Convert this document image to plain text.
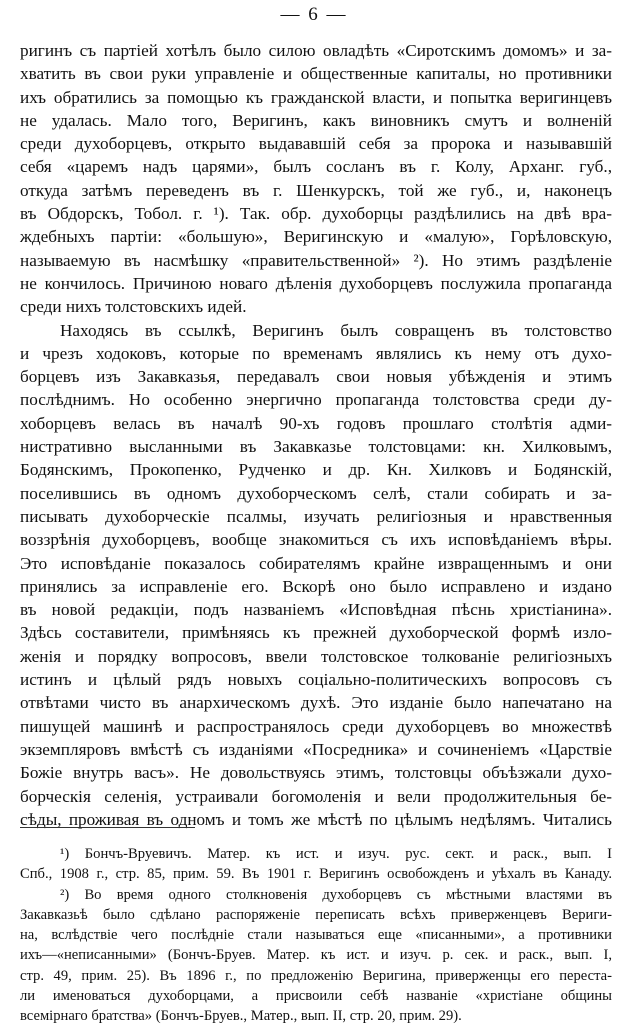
— 6 —
ригинъ съ партiей хотѣлъ было силою овладѣть «Сиротскимъ домомъ» и за-
хватить въ свои руки управленiе и общественные капиталы, но противники
ихъ обратились за помощью къ гражданской власти, и попытка веригинцевъ
не удалась. Мало того, Веригинъ, какъ виновникъ смутъ и волненiй
среди духоборцевъ, открыто выдававшiй себя за пророка и называвшiй
себя «царемъ надъ царями», былъ сосланъ въ г. Колу, Арханг. губ.,
откуда затѣмъ переведенъ въ г. Шенкурскъ, той же губ., и, наконецъ
въ Обдорскъ, Тобол. г. ¹). Так. обр. духоборцы раздѣлились на двѣ вра-
ждебныхъ партiи: «большую», Веригинскую и «малую», Горѣловскую,
называемую въ насмѣшку «правительственной» ²). Но этимъ раздѣленiе
не кончилось. Причиною новаго дѣленiя духоборцевъ послужила пропаганда
среди нихъ толстовскихъ идей.
Находясь въ ссылкѣ, Веригинъ былъ совращенъ въ толстовство
и чрезъ ходоковъ, которые по временамъ являлись къ нему отъ духо-
борцевъ изъ Закавказья, передавалъ свои новыя убѣжденiя и этимъ
послѣднимъ. Но особенно энергично пропаганда толстовства среди ду-
хоборцевъ велась въ началѣ 90-хъ годовъ прошлаго столѣтiя адми-
нистративно высланными въ Закавказье толстовцами: кн. Хилковымъ,
Бодянскимъ, Прокопенко, Рудченко и др. Кн. Хилковъ и Бодянскiй,
поселившись въ одномъ духоборческомъ селѣ, стали собирать и за-
писывать духоборческiе псалмы, изучать религiозныя и нравственныя
воззрѣнiя духоборцевъ, вообще знакомиться съ ихъ исповѣданiемъ вѣры.
Это исповѣданiе показалось собирателямъ крайне извращеннымъ и они
принялись за исправленiе его. Вскорѣ оно было исправлено и издано
въ новой редакцiи, подъ названiемъ «Исповѣдная пѣснь христiанина».
Здѣсь составители, примѣняясь къ прежней духоборческой формѣ изло-
женiя и порядку вопросовъ, ввели толстовское толкованiе религiозныхъ
истинъ и цѣлый рядъ новыхъ соцiально-политическихъ вопросовъ съ
отвѣтами чисто въ анархическомъ духѣ. Это изданiе было напечатано на
пишущей машинѣ и распространялось среди духоборцевъ во множествѣ
экземпляровъ вмѣстѣ съ изданiями «Посредника» и сочиненiемъ «Царствiе
Божiе внутрь васъ». Не довольствуясь этимъ, толстовцы объѣзжали духо-
борческiя селенiя, устраивали богомоленiя и вели продолжительныя бе-
сѣды, проживая въ одномъ и томъ же мѣстѣ по цѣлымъ недѣлямъ. Читались
¹) Бончъ-Вруевичъ. Матер. къ ист. и изуч. рус. сект. и раск., вып. I
Спб., 1908 г., стр. 85, прим. 59. Въ 1901 г. Веригинъ освобожденъ и уѣхалъ въ Канаду.
²) Во время одного столкновенiя духоборцевъ съ мѣстными властями въ
Закавказьѣ было сдѣлано распоряженiе переписать всѣхъ приверженцевъ Вериги-
на, вслѣдствiе чего послѣднiе стали называться еще «писанными», а противники
ихъ—«неписанными» (Бончъ-Бруев. Матер. къ ист. и изуч. р. сек. и раск., вып. I,
стр. 49, прим. 25). Въ 1896 г., по предложенiю Веригина, приверженцы его переста-
ли именоваться духоборцами, а присвоили себѣ названiе «христiане общины
всемiрнаго братства» (Бончъ-Бруев., Матер., вып. II, стр. 20, прим. 29).
